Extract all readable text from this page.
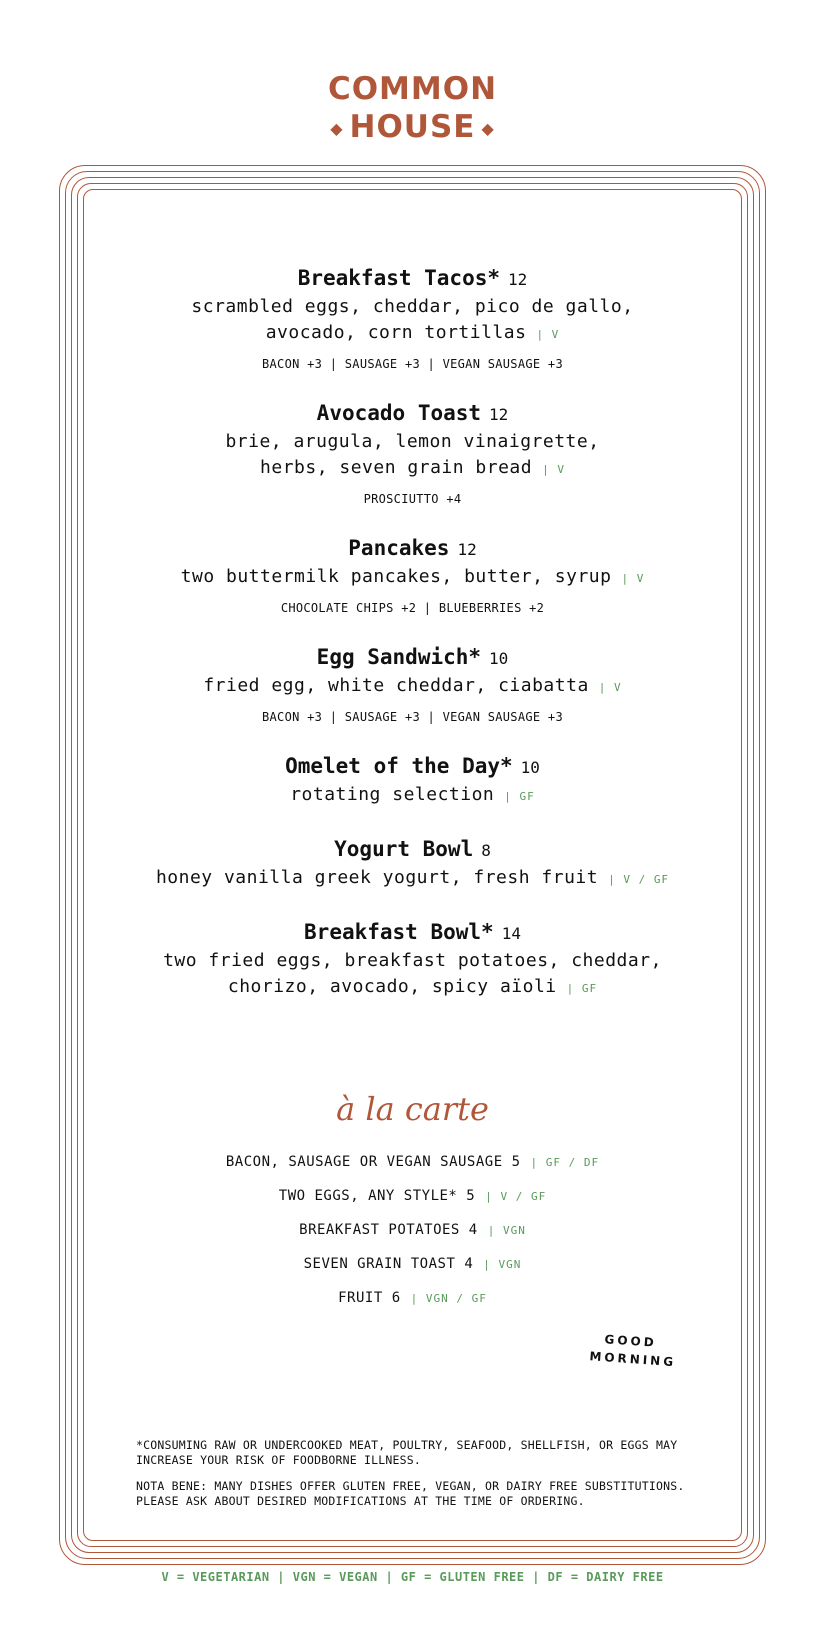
COMMON
◆ HOUSE ◆
Breakfast Tacos* 12
scrambled eggs, cheddar, pico de gallo,
avocado, corn tortillas | V
BACON +3 | SAUSAGE +3 | VEGAN SAUSAGE +3
Avocado Toast 12
brie, arugula, lemon vinaigrette,
herbs, seven grain bread | V
PROSCIUTTO +4
Pancakes 12
two buttermilk pancakes, butter, syrup | V
CHOCOLATE CHIPS +2 | BLUEBERRIES +2
Egg Sandwich* 10
fried egg, white cheddar, ciabatta | V
BACON +3 | SAUSAGE +3 | VEGAN SAUSAGE +3
Omelet of the Day* 10
rotating selection | GF
Yogurt Bowl 8
honey vanilla greek yogurt, fresh fruit | V / GF
Breakfast Bowl* 14
two fried eggs, breakfast potatoes, cheddar,
chorizo, avocado, spicy aïoli | GF
à la carte
BACON, SAUSAGE OR VEGAN SAUSAGE 5 | GF / DF
TWO EGGS, ANY STYLE* 5 | V / GF
BREAKFAST POTATOES 4 | VGN
SEVEN GRAIN TOAST 4 | VGN
FRUIT 6 | VGN / GF
GOOD
MORNING

*CONSUMING RAW OR UNDERCOOKED MEAT, POULTRY, SEAFOOD, SHELLFISH, OR EGGS MAY INCREASE YOUR RISK OF FOODBORNE ILLNESS.

NOTA BENE: MANY DISHES OFFER GLUTEN FREE, VEGAN, OR DAIRY FREE SUBSTITUTIONS. PLEASE ASK ABOUT DESIRED MODIFICATIONS AT THE TIME OF ORDERING.

V = VEGETARIAN | VGN = VEGAN | GF = GLUTEN FREE | DF = DAIRY FREE
